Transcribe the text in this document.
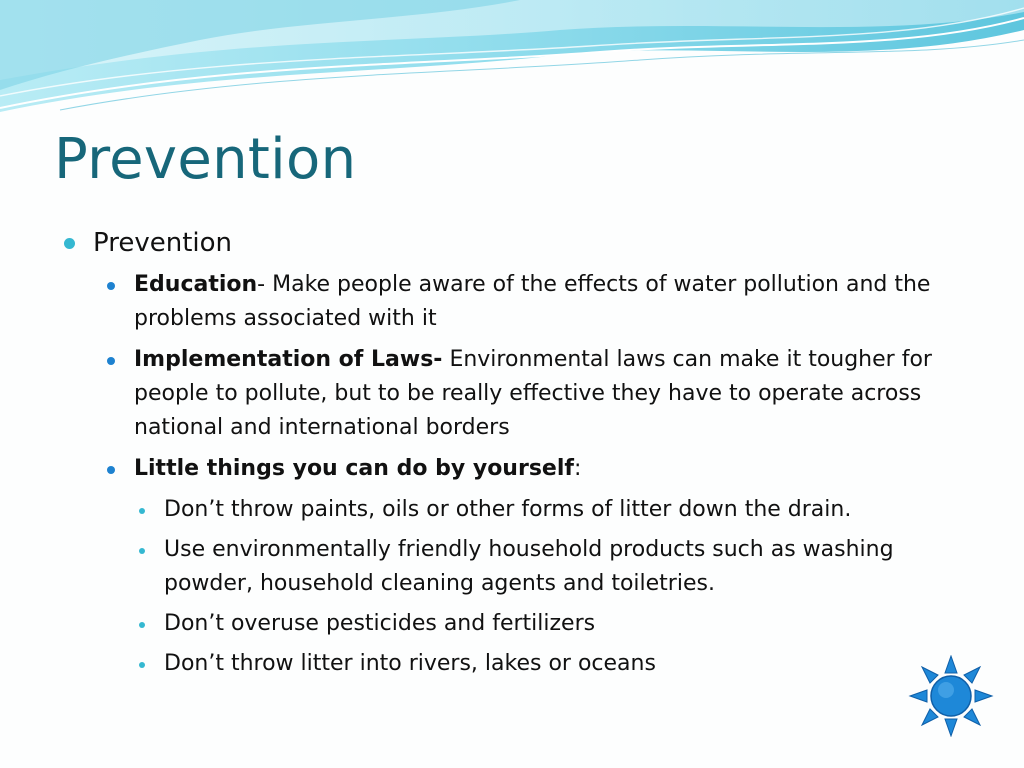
Prevention
Prevention
Education- Make people aware of the effects of water pollution and the problems associated with it
Implementation of Laws- Environmental laws can make it tougher for people to pollute, but to be really effective they have to operate across national and international borders
Little things you can do by yourself:
Don’t throw paints, oils or other forms of litter down the drain.
Use environmentally friendly household products such as washing powder, household cleaning agents and toiletries.
Don’t overuse pesticides and fertilizers
Don’t throw litter into rivers, lakes or oceans
